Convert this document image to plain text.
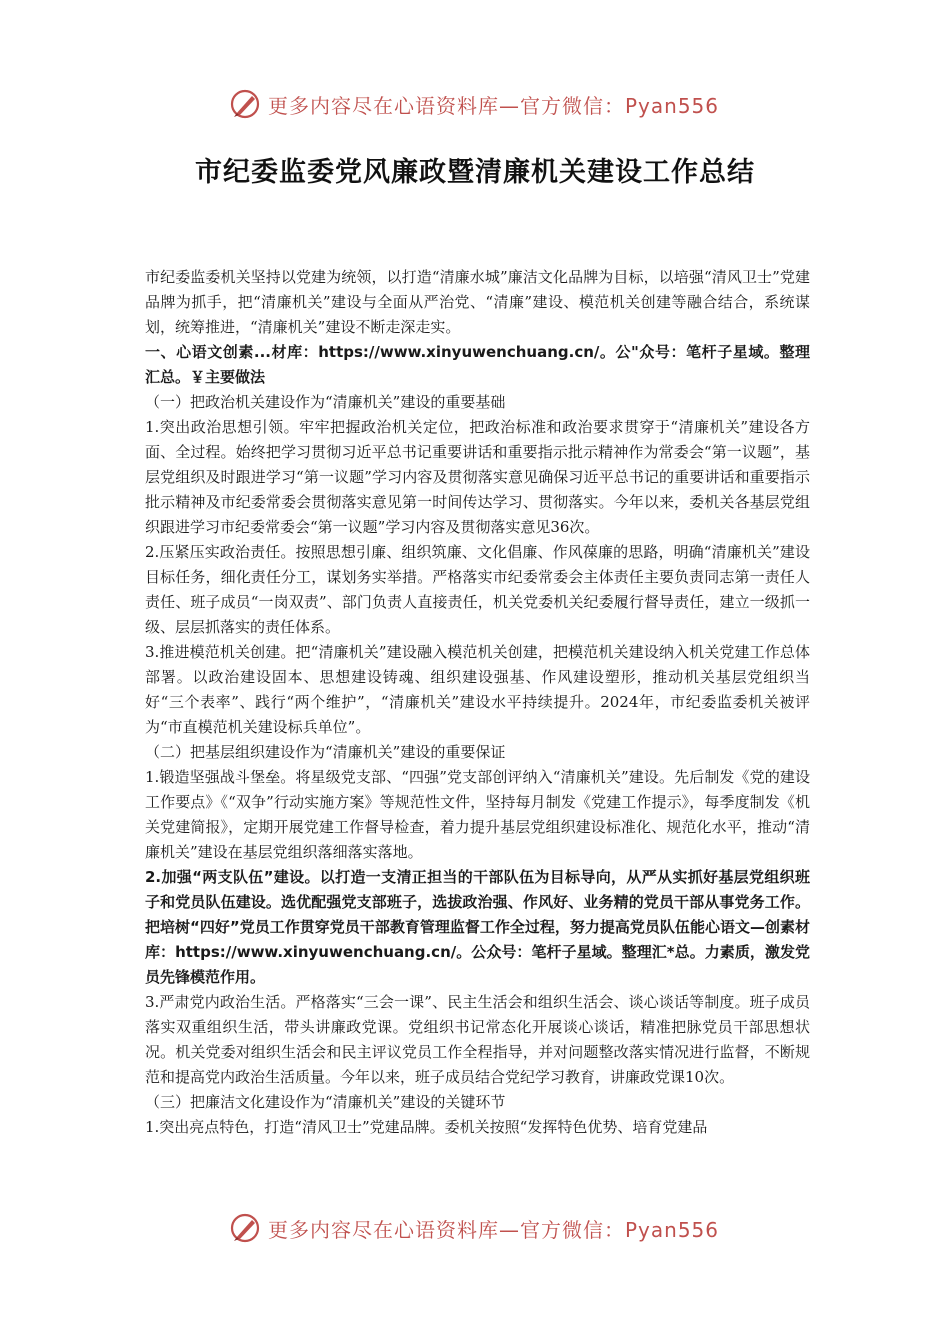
更多内容尽在心语资料库—官方微信：Pyan556
市纪委监委党风廉政暨清廉机关建设工作总结

市纪委监委机关坚持以党建为统领，以打造“清廉水城”廉洁文化品牌为目标，以培强“清风卫士”党建品牌为抓手，把“清廉机关”建设与全面从严治党、“清廉”建设、模范机关创建等融合结合，系统谋划，统筹推进，“清廉机关”建设不断走深走实。

一、心语文创素...材库：https://www.xinyuwenchuang.cn/。公"众号：笔杆子星域。整理汇总。￥主要做法

（一）把政治机关建设作为“清廉机关”建设的重要基础

1.突出政治思想引领。牢牢把握政治机关定位，把政治标准和政治要求贯穿于“清廉机关”建设各方面、全过程。始终把学习贯彻习近平总书记重要讲话和重要指示批示精神作为常委会“第一议题”，基层党组织及时跟进学习“第一议题”学习内容及贯彻落实意见确保习近平总书记的重要讲话和重要指示批示精神及市纪委常委会贯彻落实意见第一时间传达学习、贯彻落实。今年以来，委机关各基层党组织跟进学习市纪委常委会“第一议题”学习内容及贯彻落实意见36次。

2.压紧压实政治责任。按照思想引廉、组织筑廉、文化倡廉、作风葆廉的思路，明确“清廉机关”建设目标任务，细化责任分工，谋划务实举措。严格落实市纪委常委会主体责任主要负责同志第一责任人责任、班子成员“一岗双责”、部门负责人直接责任，机关党委机关纪委履行督导责任，建立一级抓一级、层层抓落实的责任体系。

3.推进模范机关创建。把“清廉机关”建设融入模范机关创建，把模范机关建设纳入机关党建工作总体部署。以政治建设固本、思想建设铸魂、组织建设强基、作风建设塑形，推动机关基层党组织当好“三个表率”、践行“两个维护”，“清廉机关”建设水平持续提升。2024年，市纪委监委机关被评为“市直模范机关建设标兵单位”。

（二）把基层组织建设作为“清廉机关”建设的重要保证

1.锻造坚强战斗堡垒。将星级党支部、“四强”党支部创评纳入“清廉机关”建设。先后制发《党的建设工作要点》《“双争”行动实施方案》等规范性文件，坚持每月制发《党建工作提示》，每季度制发《机关党建简报》，定期开展党建工作督导检查，着力提升基层党组织建设标准化、规范化水平，推动“清廉机关”建设在基层党组织落细落实落地。

2.加强“两支队伍”建设。以打造一支清正担当的干部队伍为目标导向，从严从实抓好基层党组织班子和党员队伍建设。选优配强党支部班子，选拔政治强、作风好、业务精的党员干部从事党务工作。把培树“四好”党员工作贯穿党员干部教育管理监督工作全过程，努力提高党员队伍能心语文—创素材库：https://www.xinyuwenchuang.cn/。公众号：笔杆子星域。整理汇*总。力素质，激发党员先锋模范作用。

3.严肃党内政治生活。严格落实“三会一课”、民主生活会和组织生活会、谈心谈话等制度。班子成员落实双重组织生活，带头讲廉政党课。党组织书记常态化开展谈心谈话，精准把脉党员干部思想状况。机关党委对组织生活会和民主评议党员工作全程指导，并对问题整改落实情况进行监督，不断规范和提高党内政治生活质量。今年以来，班子成员结合党纪学习教育，讲廉政党课10次。

（三）把廉洁文化建设作为“清廉机关”建设的关键环节

1.突出亮点特色，打造“清风卫士”党建品牌。委机关按照“发挥特色优势、培育党建品

更多内容尽在心语资料库—官方微信：Pyan556
